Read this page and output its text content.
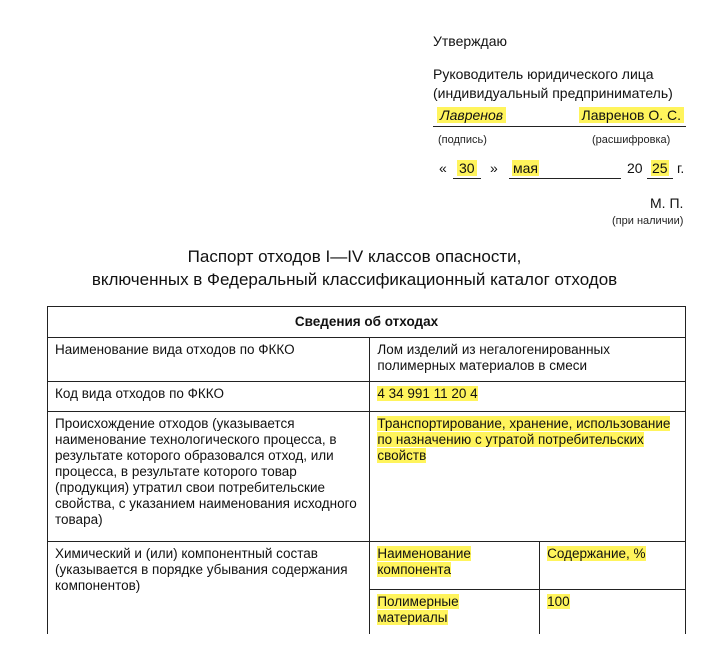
Утверждаю
Руководитель юридического лица
(индивидуальный предприниматель)
Лавренов	Лавренов О. С.
(подпись)	(расшифровка)
« 30 » мая	20 25 г.
М. П.
(при наличии)
Паспорт отходов I—IV классов опасности,
включенных в Федеральный классификационный каталог отходов
Сведения об отходах		
Наименование вида отходов по ФККО	Лом изделий из негалогенированных полимерных материалов в смеси	
Код вида отходов по ФККО	4 34 991 11 20 4	
Происхождение отходов (указывается наименование технологического процесса, в результате которого образовался отход, или процесса, в результате которого товар (продукция) утратил свои потребительские свойства, с указанием наименования исходного товара)	Транспортирование, хранение, использование по назначению с утратой потребительских свойств	
Химический и (или) компонентный состав (указывается в порядке убывания содержания компонентов)	Наименование компонента	Содержание, %
	Полимерные материалы	100
